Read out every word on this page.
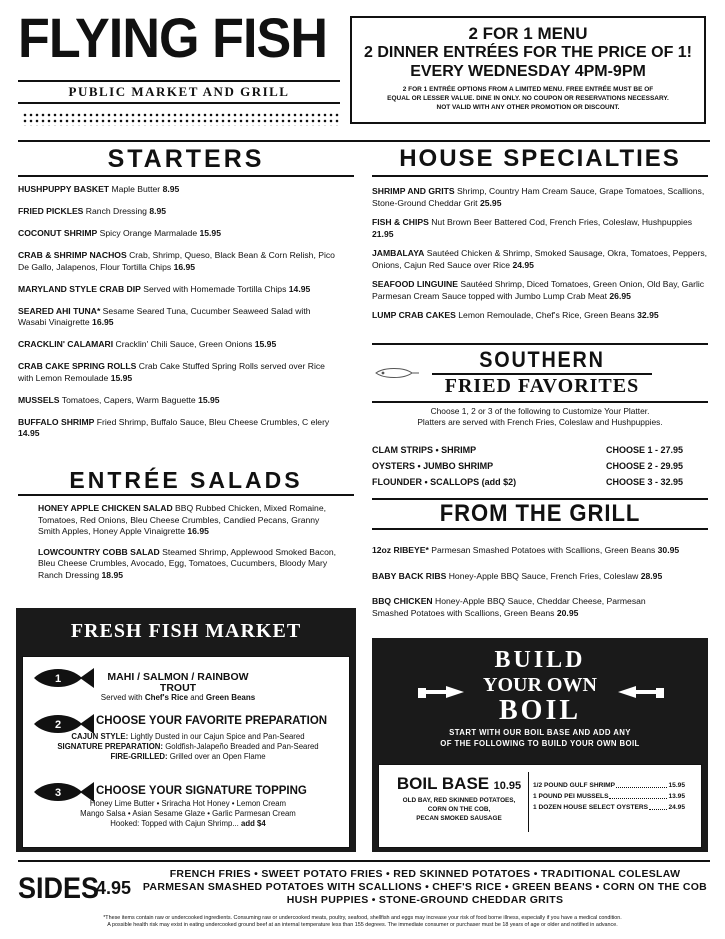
FLYING FISH
PUBLIC MARKET AND GRILL
2 FOR 1 MENU
2 DINNER ENTRÉES FOR THE PRICE OF 1!
EVERY WEDNESDAY 4PM-9PM
2 FOR 1 ENTRÉE OPTIONS FROM A LIMITED MENU. FREE ENTRÉE MUST BE OF
EQUAL OR LESSER VALUE. DINE IN ONLY. NO COUPON OR RESERVATIONS NECESSARY.
NOT VALID WITH ANY OTHER PROMOTION OR DISCOUNT.
STARTERS
HUSHPUPPY BASKET Maple Butter 8.95
FRIED PICKLES Ranch Dressing 8.95
COCONUT SHRIMP Spicy Orange Marmalade 15.95
CRAB & SHRIMP NACHOS Crab, Shrimp, Queso, Black Bean & Corn Relish, Pico De Gallo, Jalapenos, Flour Tortilla Chips 16.95
MARYLAND STYLE CRAB DIP Served with Homemade Tortilla Chips 14.95
SEARED AHI TUNA* Sesame Seared Tuna, Cucumber Seaweed Salad with Wasabi Vinaigrette 16.95
CRACKLIN' CALAMARI Cracklin' Chili Sauce, Green Onions 15.95
CRAB CAKE SPRING ROLLS Crab Cake Stuffed Spring Rolls served over Rice with Lemon Remoulade 15.95
MUSSELS Tomatoes, Capers, Warm Baguette 15.95
BUFFALO SHRIMP Fried Shrimp, Buffalo Sauce, Bleu Cheese Crumbles, C elery 14.95
ENTRÉE SALADS
HONEY APPLE CHICKEN SALAD BBQ Rubbed Chicken, Mixed Romaine, Tomatoes, Red Onions, Bleu Cheese Crumbles, Candied Pecans, Granny Smith Apples, Honey Apple Vinaigrette 16.95
LOWCOUNTRY COBB SALAD Steamed Shrimp, Applewood Smoked Bacon, Bleu Cheese Crumbles, Avocado, Egg, Tomatoes, Cucumbers, Bloody Mary Ranch Dressing 18.95
FRESH FISH MARKET
1
2
3
MAHI / SALMON / RAINBOW TROUT
Served with Chef's Rice and Green Beans
CHOOSE YOUR FAVORITE PREPARATION
CAJUN STYLE: Lightly Dusted in our Cajun Spice and Pan-Seared
SIGNATURE PREPARATION: Goldfish-Jalapeño Breaded and Pan-Seared
FIRE-GRILLED: Grilled over an Open Flame
CHOOSE YOUR SIGNATURE TOPPING
Honey Lime Butter • Sriracha Hot Honey • Lemon Cream
Mango Salsa • Asian Sesame Glaze • Garlic Parmesan Cream
Hooked: Topped with Cajun Shrimp... add $4
HOUSE SPECIALTIES
SHRIMP AND GRITS Shrimp, Country Ham Cream Sauce, Grape Tomatoes, Scallions, Stone-Ground Cheddar Grit 25.95
FISH & CHIPS Nut Brown Beer Battered Cod, French Fries, Coleslaw, Hushpuppies 21.95
JAMBALAYA Sautéed Chicken & Shrimp, Smoked Sausage, Okra, Tomatoes, Peppers, Onions, Cajun Red Sauce over Rice 24.95
SEAFOOD LINGUINE Sautéed Shrimp, Diced Tomatoes, Green Onion, Old Bay, Garlic Parmesan Cream Sauce topped with Jumbo Lump Crab Meat 26.95
LUMP CRAB CAKES Lemon Remoulade, Chef's Rice, Green Beans 32.95
SOUTHERN
FRIED FAVORITES
Choose 1, 2 or 3 of the following to Customize Your Platter.
Platters are served with French Fries, Coleslaw and Hushpuppies.
CLAM STRIPS • SHRIMP	CHOOSE 1 - 27.95
OYSTERS • JUMBO SHRIMP	CHOOSE 2 - 29.95
FLOUNDER • SCALLOPS (add $2)	CHOOSE 3 - 32.95
FROM THE GRILL
12oz RIBEYE* Parmesan Smashed Potatoes with Scallions, Green Beans 30.95
BABY BACK RIBS Honey-Apple BBQ Sauce, French Fries, Coleslaw 28.95
BBQ CHICKEN Honey-Apple BBQ Sauce, Cheddar Cheese, Parmesan Smashed Potatoes with Scallions, Green Beans 20.95
BUILD
YOUR OWN
BOIL
START WITH OUR BOIL BASE AND ADD ANY
OF THE FOLLOWING TO BUILD YOUR OWN BOIL
BOIL BASE 10.95
OLD BAY, RED SKINNED POTATOES,
CORN ON THE COB,
PECAN SMOKED SAUSAGE
1/2 POUND GULF SHRIMP	15.95
1 POUND PEI MUSSELS	13.95
1 DOZEN HOUSE SELECT OYSTERS	24.95
SIDES
4.95
FRENCH FRIES • SWEET POTATO FRIES • RED SKINNED POTATOES • TRADITIONAL COLESLAW
PARMESAN SMASHED POTATOES WITH SCALLIONS • CHEF'S RICE • GREEN BEANS • CORN ON THE COB
HUSH PUPPIES • STONE-GROUND CHEDDAR GRITS
*These items contain raw or undercooked ingredients. Consuming raw or undercooked meats, poultry, seafood, shellfish and eggs may increase your risk of food borne illness, especially if you have a medical condition.
A possible health risk may exist in eating undercooked ground beef at an internal temperature less than 155 degrees. The immediate consumer or purchaser must be 18 years of age or older and notified in advance.
